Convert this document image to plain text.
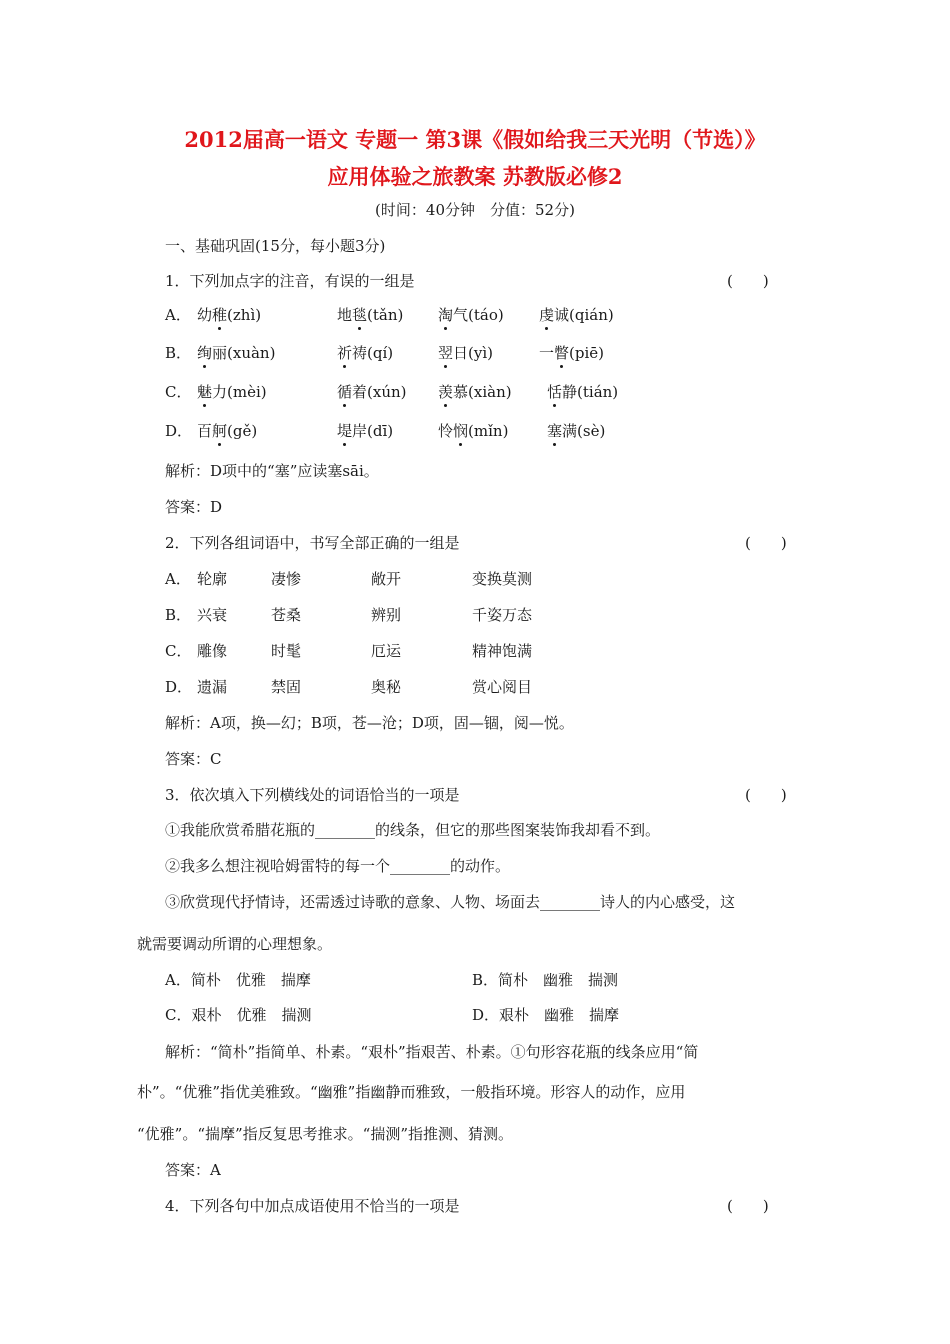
2012届高一语文 专题一 第3课《假如给我三天光明（节选）》
应用体验之旅教案 苏教版必修2
(时间：40分钟　分值：52分)
一、基础巩固(15分，每小题3分)
1．下列加点字的注音，有误的一组是	(　　)
A． 幼稚(zhì)	地毯(tǎn) 淘气(táo) 虔诚(qián)
B． 绚丽(xuàn)	祈祷(qí)	翌日(yì)	一瞥(piē)
C． 魅力(mèi)	循着(xún) 羡慕(xiàn) 恬静(tián)
D． 百舸(gě)	堤岸(dī)	怜悯(mǐn)	塞满(sè)
解析：D项中的“塞”应读塞sāi。
答案：D
2．下列各组词语中，书写全部正确的一组是	(　　)
A． 轮廓	凄惨	敞开	变换莫测
B． 兴衰	苍桑	辨别	千姿万态
C． 雕像	时髦	厄运	精神饱满
D． 遗漏	禁固	奥秘	赏心阅目
解析：A项，换—幻；B项，苍—沧；D项，固—锢，阅—悦。
答案：C
3．依次填入下列横线处的词语恰当的一项是	(　　)
①我能欣赏希腊花瓶的________的线条，但它的那些图案装饰我却看不到。
②我多么想注视哈姆雷特的每一个________的动作。
③欣赏现代抒情诗，还需透过诗歌的意象、人物、场面去________诗人的内心感受，这
就需要调动所谓的心理想象。
A．简朴　优雅　揣摩	B．简朴　幽雅　揣测
C．艰朴　优雅　揣测	D．艰朴　幽雅　揣摩
解析：“简朴”指简单、朴素。“艰朴”指艰苦、朴素。①句形容花瓶的线条应用“简
朴”。“优雅”指优美雅致。“幽雅”指幽静而雅致，一般指环境。形容人的动作，应用
“优雅”。“揣摩”指反复思考推求。“揣测”指推测、猜测。
答案：A
4．下列各句中加点成语使用不恰当的一项是	(　　)
